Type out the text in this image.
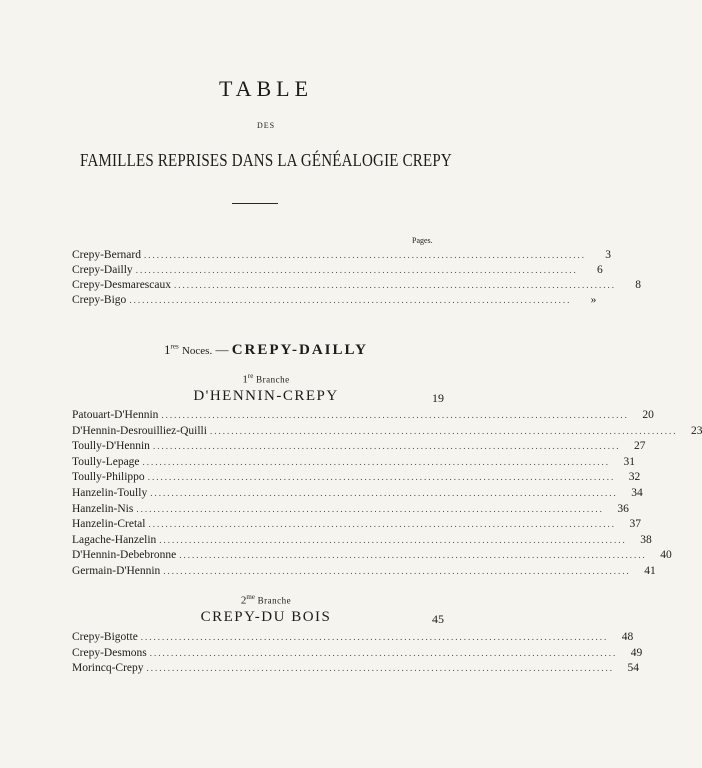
TABLE
DES
FAMILLES REPRISES DANS LA GÉNÉALOGIE CREPY
Pages.
Crepy-Bernard ........................................................................................................	3
Crepy-Dailly ........................................................................................................	6
Crepy-Desmarescaux ........................................................................................................	8
Crepy-Bigo ........................................................................................................	»
1res Noces. — CREPY-DAILLY
1re Branche
D'HENNIN-CREPY	19
Patouart-D'Hennin ..............................................................................................................	20
D'Hennin-Desrouilliez-Quilli ..............................................................................................................	23
Toully-D'Hennin ..............................................................................................................	27
Toully-Lepage ..............................................................................................................	31
Toully-Philippo ..............................................................................................................	32
Hanzelin-Toully ..............................................................................................................	34
Hanzelin-Nis ..............................................................................................................	36
Hanzelin-Cretal ..............................................................................................................	37
Lagache-Hanzelin ..............................................................................................................	38
D'Hennin-Debebronne ..............................................................................................................	40
Germain-D'Hennin ..............................................................................................................	41
$2^{me}$ Branche
CREPY-DU BOIS	45
Crepy-Bigotte ..............................................................................................................	48
Crepy-Desmons ..............................................................................................................	49
Morincq-Crepy ..............................................................................................................	54
